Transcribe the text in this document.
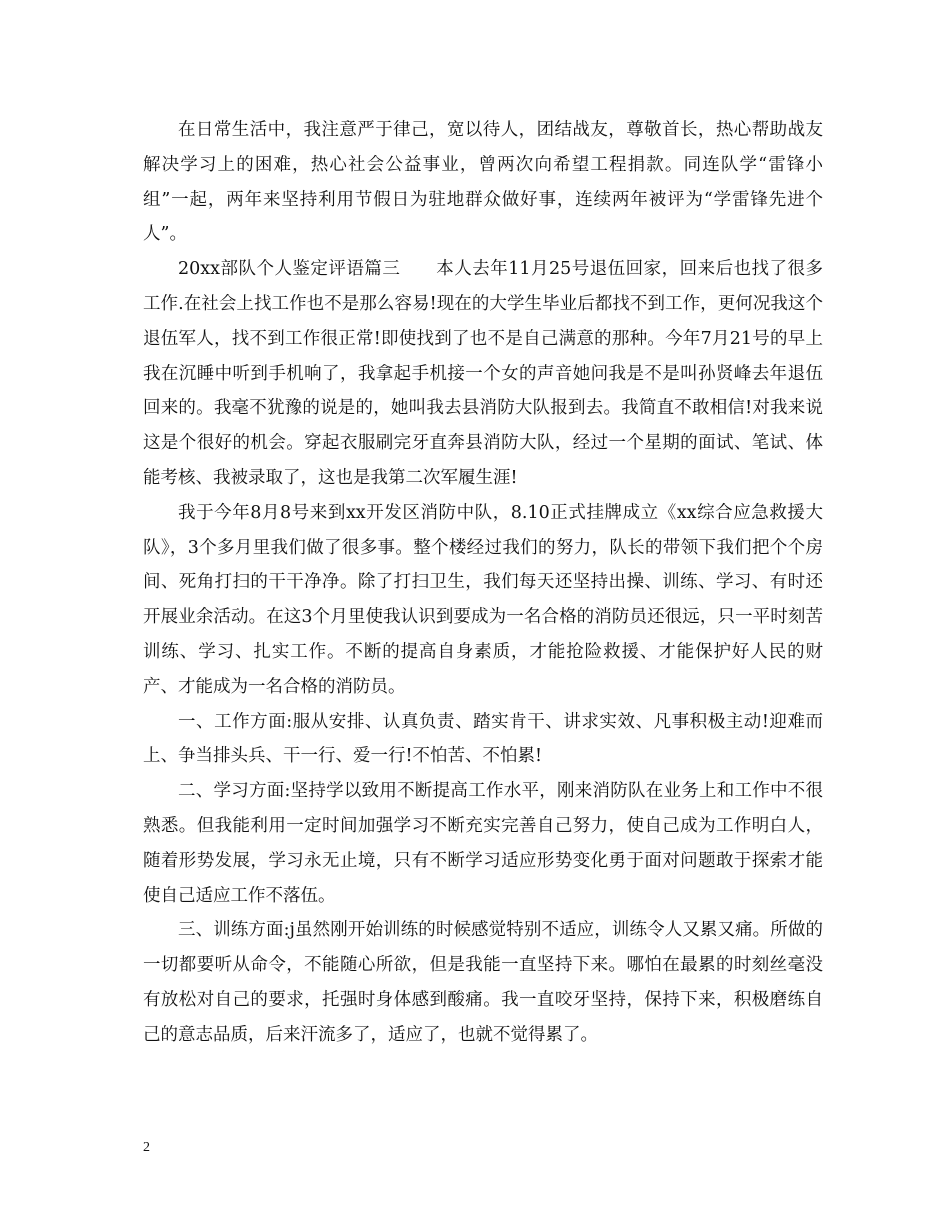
在日常生活中，我注意严于律己，宽以待人，团结战友，尊敬首长，热心帮助战友解决学习上的困难，热心社会公益事业，曾两次向希望工程捐款。同连队学“雷锋小组”一起，两年来坚持利用节假日为驻地群众做好事，连续两年被评为“学雷锋先进个人”。

20xx部队个人鉴定评语篇三　　本人去年11月25号退伍回家，回来后也找了很多工作.在社会上找工作也不是那么容易!现在的大学生毕业后都找不到工作，更何况我这个退伍军人，找不到工作很正常!即使找到了也不是自己满意的那种。今年7月21号的早上我在沉睡中听到手机响了，我拿起手机接一个女的声音她问我是不是叫孙贤峰去年退伍回来的。我毫不犹豫的说是的，她叫我去县消防大队报到去。我简直不敢相信!对我来说这是个很好的机会。穿起衣服刷完牙直奔县消防大队，经过一个星期的面试、笔试、体能考核、我被录取了，这也是我第二次军履生涯!

我于今年8月8号来到xx开发区消防中队，8.10正式挂牌成立《xx综合应急救援大队》，3个多月里我们做了很多事。整个楼经过我们的努力，队长的带领下我们把个个房间、死角打扫的干干净净。除了打扫卫生，我们每天还坚持出操、训练、学习、有时还开展业余活动。在这3个月里使我认识到要成为一名合格的消防员还很远，只一平时刻苦训练、学习、扎实工作。不断的提高自身素质，才能抢险救援、才能保护好人民的财产、才能成为一名合格的消防员。

一、工作方面:服从安排、认真负责、踏实肯干、讲求实效、凡事积极主动!迎难而上、争当排头兵、干一行、爱一行!不怕苦、不怕累!

二、学习方面:坚持学以致用不断提高工作水平，刚来消防队在业务上和工作中不很熟悉。但我能利用一定时间加强学习不断充实完善自己努力，使自己成为工作明白人，随着形势发展，学习永无止境，只有不断学习适应形势变化勇于面对问题敢于探索才能使自己适应工作不落伍。

三、训练方面:j虽然刚开始训练的时候感觉特别不适应，训练令人又累又痛。所做的一切都要听从命令，不能随心所欲，但是我能一直坚持下来。哪怕在最累的时刻丝毫没有放松对自己的要求，托强时身体感到酸痛。我一直咬牙坚持，保持下来，积极磨练自己的意志品质，后来汗流多了，适应了，也就不觉得累了。

2
